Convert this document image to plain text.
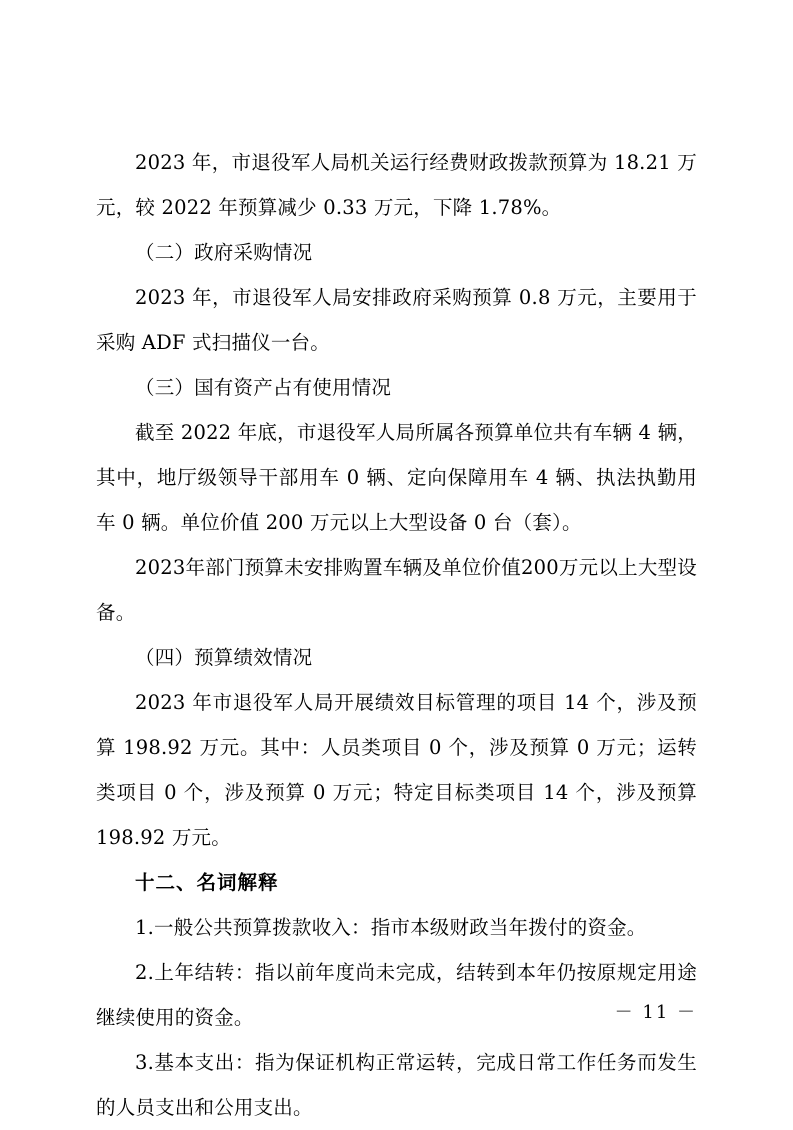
2023 年，市退役军人局机关运行经费财政拨款预算为 18.21 万元，较 2022 年预算减少 0.33 万元，下降 1.78%。

（二）政府采购情况

2023 年，市退役军人局安排政府采购预算 0.8 万元，主要用于采购 ADF 式扫描仪一台。

（三）国有资产占有使用情况

截至 2022 年底，市退役军人局所属各预算单位共有车辆 4 辆，其中，地厅级领导干部用车 0 辆、定向保障用车 4 辆、执法执勤用车 0 辆。单位价值 200 万元以上大型设备 0 台（套）。

2023年部门预算未安排购置车辆及单位价值200万元以上大型设备。

（四）预算绩效情况

2023 年市退役军人局开展绩效目标管理的项目 14 个，涉及预算 198.92 万元。其中：人员类项目 0 个，涉及预算 0 万元；运转类项目 0 个，涉及预算 0 万元；特定目标类项目 14 个，涉及预算 198.92 万元。

十二、名词解释

1.一般公共预算拨款收入：指市本级财政当年拨付的资金。

2.上年结转：指以前年度尚未完成，结转到本年仍按原规定用途继续使用的资金。

3.基本支出：指为保证机构正常运转，完成日常工作任务而发生的人员支出和公用支出。

－ 11 －
